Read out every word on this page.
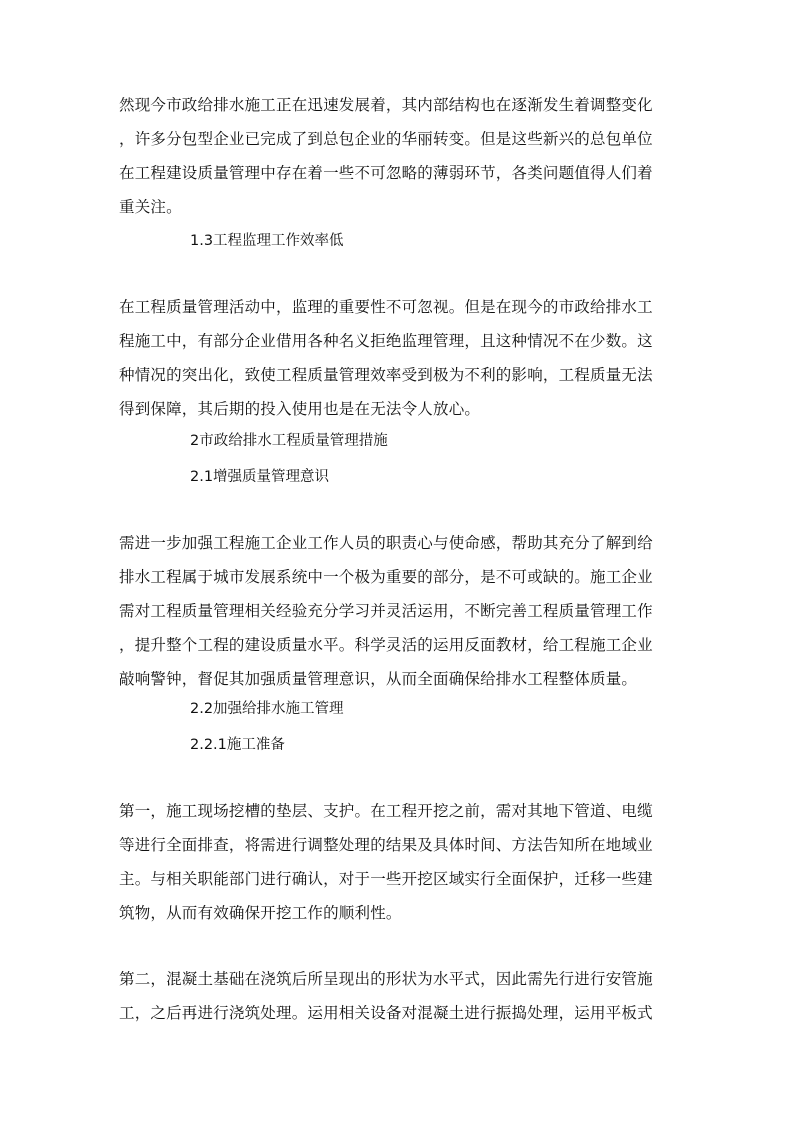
然现今市政给排水施工正在迅速发展着，其内部结构也在逐渐发生着调整变化
，许多分包型企业已完成了到总包企业的华丽转变。但是这些新兴的总包单位
在工程建设质量管理中存在着一些不可忽略的薄弱环节，各类问题值得人们着
重关注。
1.3工程监理工作效率低
在工程质量管理活动中，监理的重要性不可忽视。但是在现今的市政给排水工
程施工中，有部分企业借用各种名义拒绝监理管理，且这种情况不在少数。这
种情况的突出化，致使工程质量管理效率受到极为不利的影响，工程质量无法
得到保障，其后期的投入使用也是在无法令人放心。
2市政给排水工程质量管理措施
2.1增强质量管理意识
需进一步加强工程施工企业工作人员的职责心与使命感，帮助其充分了解到给
排水工程属于城市发展系统中一个极为重要的部分，是不可或缺的。施工企业
需对工程质量管理相关经验充分学习并灵活运用，不断完善工程质量管理工作
，提升整个工程的建设质量水平。科学灵活的运用反面教材，给工程施工企业
敲响警钟，督促其加强质量管理意识，从而全面确保给排水工程整体质量。
2.2加强给排水施工管理
2.2.1施工准备
第一，施工现场挖槽的垫层、支护。在工程开挖之前，需对其地下管道、电缆
等进行全面排查，将需进行调整处理的结果及具体时间、方法告知所在地域业
主。与相关职能部门进行确认，对于一些开挖区域实行全面保护，迁移一些建
筑物，从而有效确保开挖工作的顺利性。
第二，混凝土基础在浇筑后所呈现出的形状为水平式，因此需先行进行安管施
工，之后再进行浇筑处理。运用相关设备对混凝土进行振捣处理，运用平板式
